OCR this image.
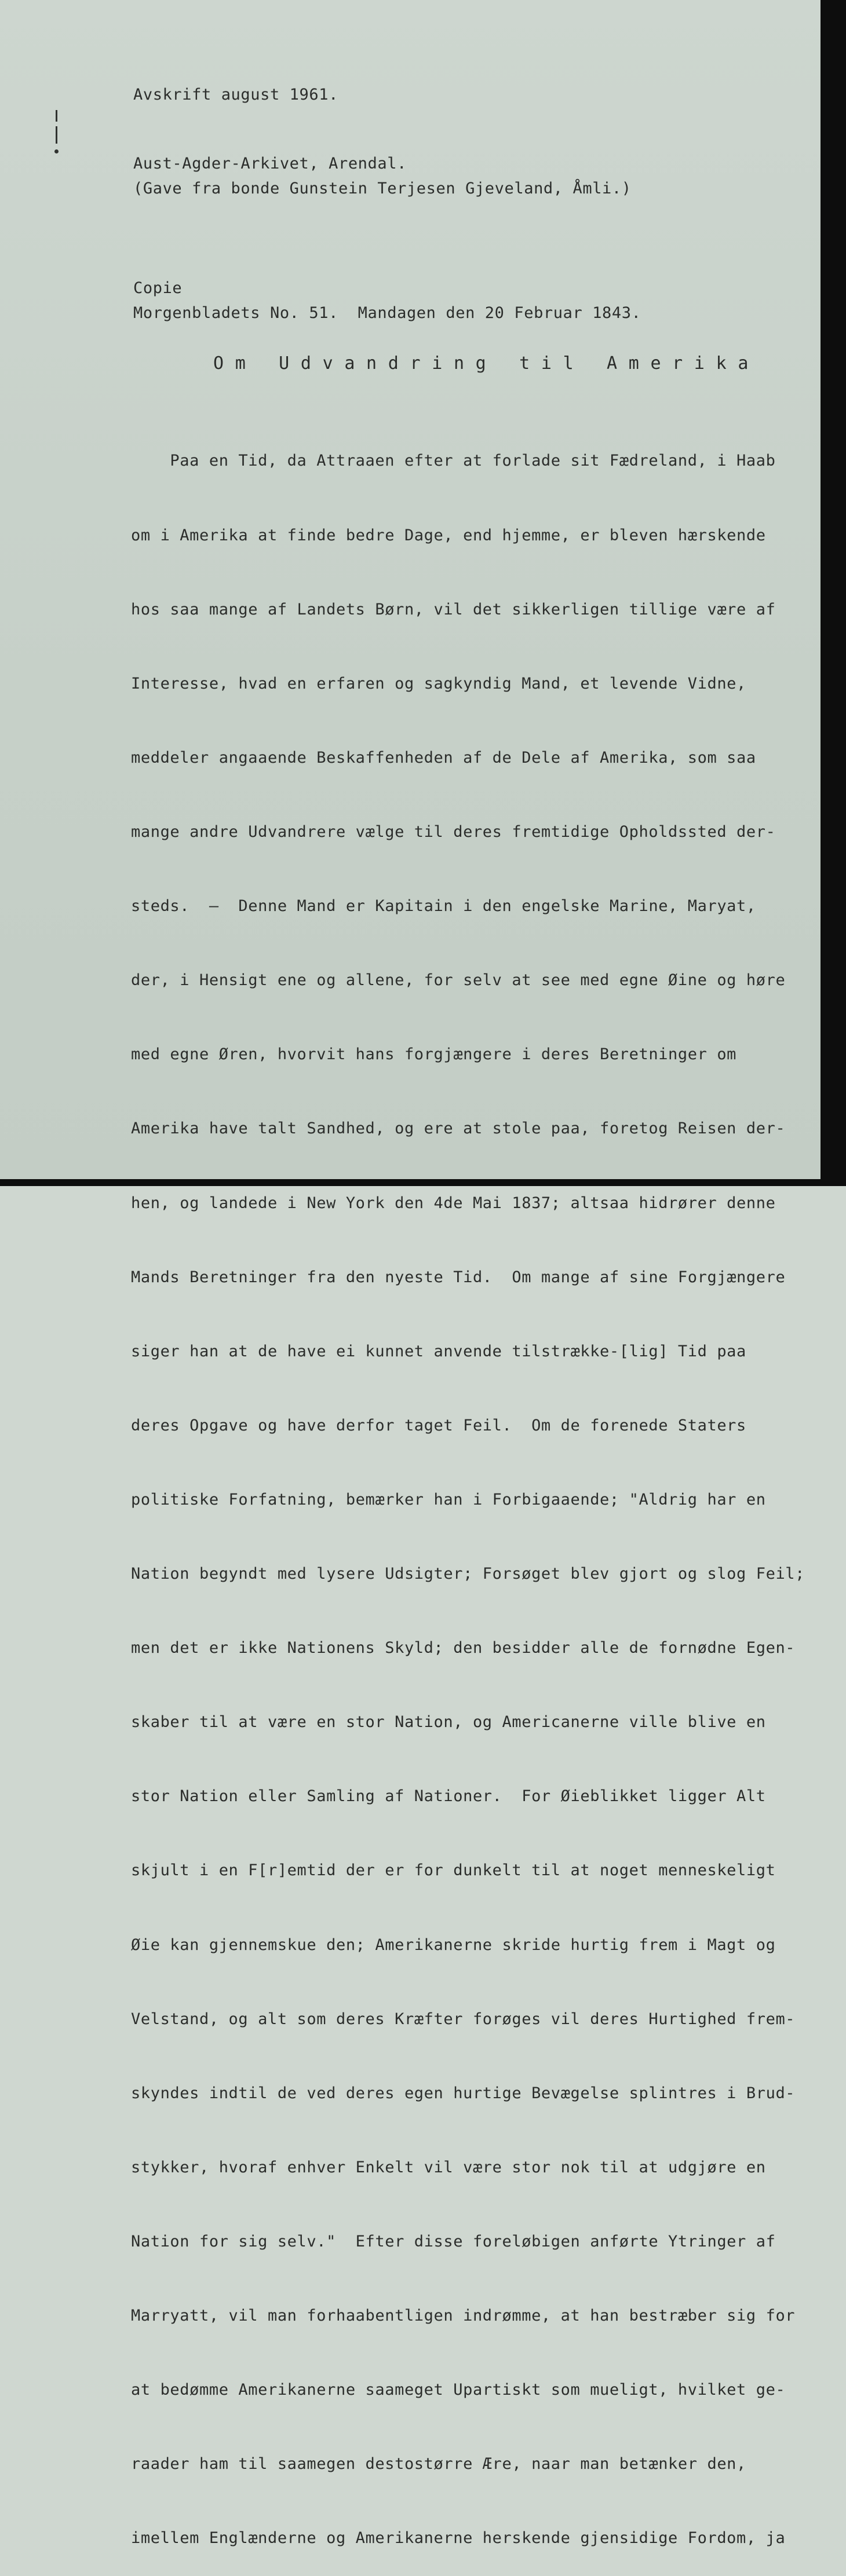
Avskrift august 1961.

Aust-Agder-Arkivet, Arendal.

(Gave fra bonde Gunstein Terjesen Gjeveland, Åmli.)

Copie

Morgenbladets No. 51.  Mandagen den 20 Februar 1843.

O m   U d v a n d r i n g   t i l   A m e r i k a

Paa en Tid, da Attraaen efter at forlade sit Fædreland, i Haab

om i Amerika at finde bedre Dage, end hjemme, er bleven hærskende

hos saa mange af Landets Børn, vil det sikkerligen tillige være af

Interesse, hvad en erfaren og sagkyndig Mand, et levende Vidne,

meddeler angaaende Beskaffenheden af de Dele af Amerika, som saa

mange andre Udvandrere vælge til deres fremtidige Opholdssted der-

steds.  —  Denne Mand er Kapitain i den engelske Marine, Maryat,

der, i Hensigt ene og allene, for selv at see med egne Øine og høre

med egne Øren, hvorvit hans forgjængere i deres Beretninger om

Amerika have talt Sandhed, og ere at stole paa, foretog Reisen der-

hen, og landede i New York den 4de Mai 1837; altsaa hidrører denne

Mands Beretninger fra den nyeste Tid.  Om mange af sine Forgjængere

siger han at de have ei kunnet anvende tilstrække-[lig] Tid paa

deres Opgave og have derfor taget Feil.  Om de forenede Staters

politiske Forfatning, bemærker han i Forbigaaende; "Aldrig har en

Nation begyndt med lysere Udsigter; Forsøget blev gjort og slog Feil;

men det er ikke Nationens Skyld; den besidder alle de fornødne Egen-

skaber til at være en stor Nation, og Americanerne ville blive en

stor Nation eller Samling af Nationer.  For Øieblikket ligger Alt

skjult i en F[r]emtid der er for dunkelt til at noget menneskeligt

Øie kan gjennemskue den; Amerikanerne skride hurtig frem i Magt og

Velstand, og alt som deres Kræfter forøges vil deres Hurtighed frem-

skyndes indtil de ved deres egen hurtige Bevægelse splintres i Brud-

stykker, hvoraf enhver Enkelt vil være stor nok til at udgjøre en

Nation for sig selv."  Efter disse foreløbigen anførte Ytringer af

Marryatt, vil man forhaabentligen indrømme, at han bestræber sig for

at bedømme Amerikanerne saameget Upartiskt som mueligt, hvilket ge-

raader ham til saamegen destostørre Ære, naar man betænker den,

imellem Englænderne og Amerikanerne herskende gjensidige Fordom, ja
